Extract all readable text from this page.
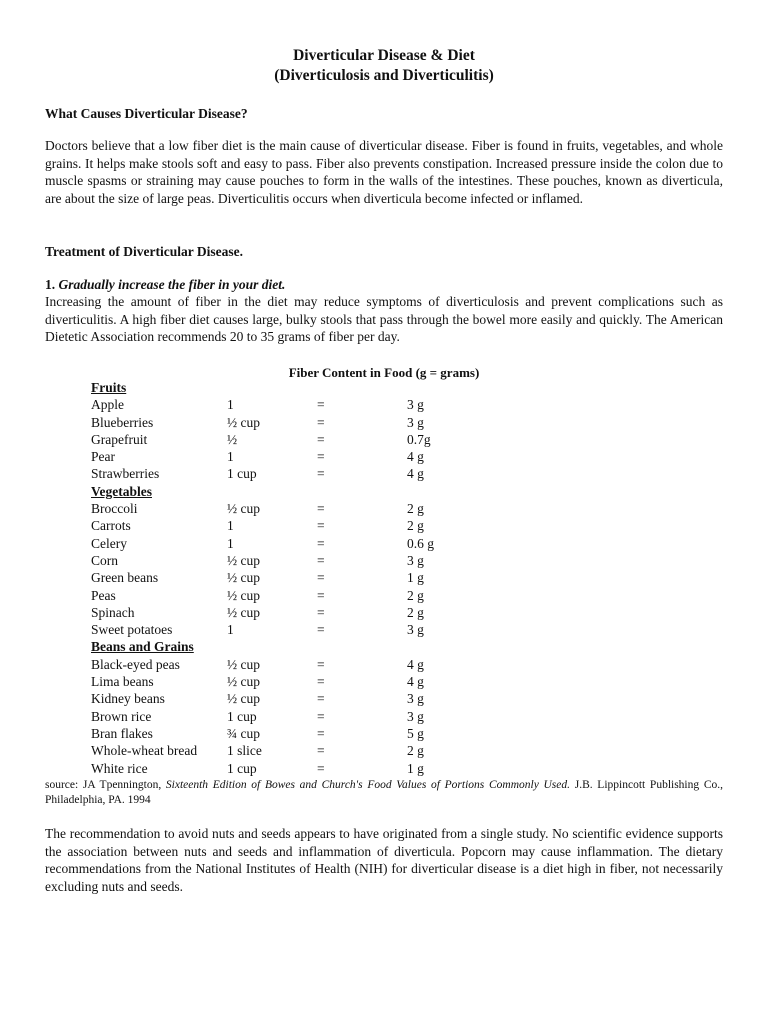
Diverticular Disease & Diet
(Diverticulosis and Diverticulitis)
What Causes Diverticular Disease?
Doctors believe that a low fiber diet is the main cause of diverticular disease. Fiber is found in fruits, vegetables, and whole grains. It helps make stools soft and easy to pass. Fiber also prevents constipation. Increased pressure inside the colon due to muscle spasms or straining may cause pouches to form in the walls of the intestines. These pouches, known as diverticula, are about the size of large peas. Diverticulitis occurs when diverticula become infected or inflamed.
Treatment of Diverticular Disease.
1. Gradually increase the fiber in your diet.
Increasing the amount of fiber in the diet may reduce symptoms of diverticulosis and prevent complications such as diverticulitis. A high fiber diet causes large, bulky stools that pass through the bowel more easily and quickly. The American Dietetic Association recommends 20 to 35 grams of fiber per day.
Fiber Content in Food (g = grams)
Fruits
Apple	1	=	3 g
Blueberries	½ cup	=	3 g
Grapefruit	½	=	0.7g
Pear	1	=	4 g
Strawberries	1 cup	=	4 g
Vegetables
Broccoli	½ cup	=	2 g
Carrots	1	=	2 g
Celery	1	=	0.6 g
Corn	½ cup	=	3 g
Green beans	½ cup	=	1 g
Peas	½ cup	=	2 g
Spinach	½ cup	=	2 g
Sweet potatoes	1	=	3 g
Beans and Grains
Black-eyed peas	½ cup	=	4 g
Lima beans	½ cup	=	4 g
Kidney beans	½ cup	=	3 g
Brown rice	1 cup	=	3 g
Bran flakes	¾ cup	=	5 g
Whole-wheat bread 1 slice	=	2 g
White rice	1 cup	=	1 g
source: JA Tpennington, Sixteenth Edition of Bowes and Church's Food Values of Portions Commonly Used. J.B. Lippincott Publishing Co., Philadelphia, PA. 1994
The recommendation to avoid nuts and seeds appears to have originated from a single study. No scientific evidence supports the association between nuts and seeds and inflammation of diverticula. Popcorn may cause inflammation. The dietary recommendations from the National Institutes of Health (NIH) for diverticular disease is a diet high in fiber, not necessarily excluding nuts and seeds.
